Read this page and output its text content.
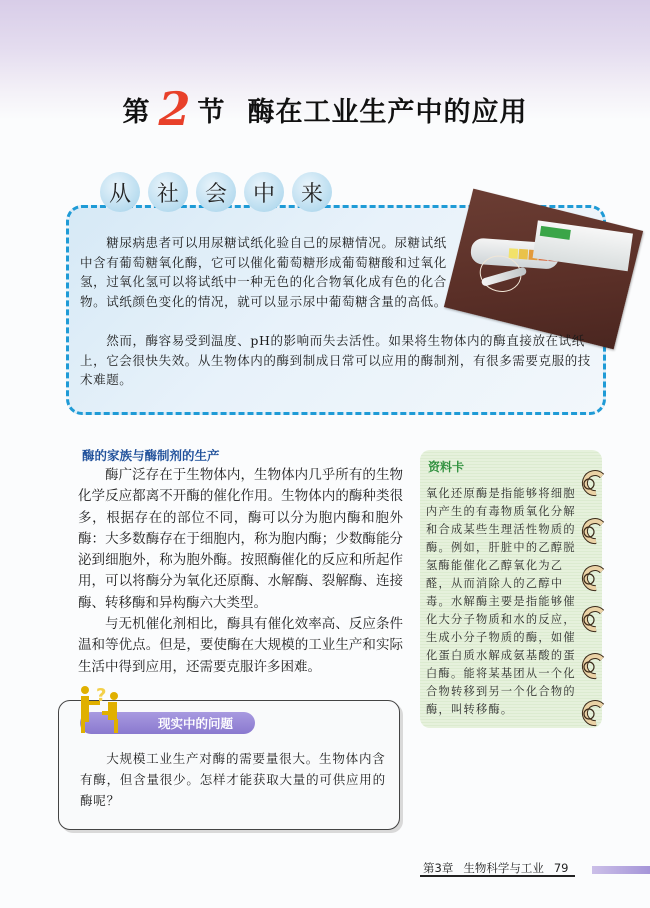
第 2 节 酶在工业生产中的应用
从	社	会	中	来

糖尿病患者可以用尿糖试纸化验自己的尿糖情况。尿糖试纸中含有葡萄糖氧化酶，它可以催化葡萄糖形成葡萄糖酸和过氧化氢，过氧化氢可以将试纸中一种无色的化合物氧化成有色的化合物。试纸颜色变化的情况，就可以显示尿中葡萄糖含量的高低。

然而，酶容易受到温度、pH的影响而失去活性。如果将生物体内的酶直接放在试纸上，它会很快失效。从生物体内的酶到制成日常可以应用的酶制剂，有很多需要克服的技术难题。

酶的家族与酶制剂的生产

酶广泛存在于生物体内，生物体内几乎所有的生物化学反应都离不开酶的催化作用。生物体内的酶种类很多，根据存在的部位不同，酶可以分为胞内酶和胞外酶：大多数酶存在于细胞内，称为胞内酶；少数酶能分泌到细胞外，称为胞外酶。按照酶催化的反应和所起作用，可以将酶分为氧化还原酶、水解酶、裂解酶、连接酶、转移酶和异构酶六大类型。

与无机催化剂相比，酶具有催化效率高、反应条件温和等优点。但是，要使酶在大规模的工业生产和实际生活中得到应用，还需要克服许多困难。

资料卡
氧化还原酶是指能够将细胞内产生的有毒物质氧化分解和合成某些生理活性物质的酶。例如，肝脏中的乙醇脱氢酶能催化乙醇氧化为乙醛，从而消除人的乙醇中毒。水解酶主要是指能够催化大分子物质和水的反应，生成小分子物质的酶，如催化蛋白质水解成氨基酸的蛋白酶。能将某基团从一个化合物转移到另一个化合物的酶，叫转移酶。
现实中的问题
?

大规模工业生产对酶的需要量很大。生物体内含有酶，但含量很少。怎样才能获取大量的可供应用的酶呢？

第3章 生物科学与工业 79
